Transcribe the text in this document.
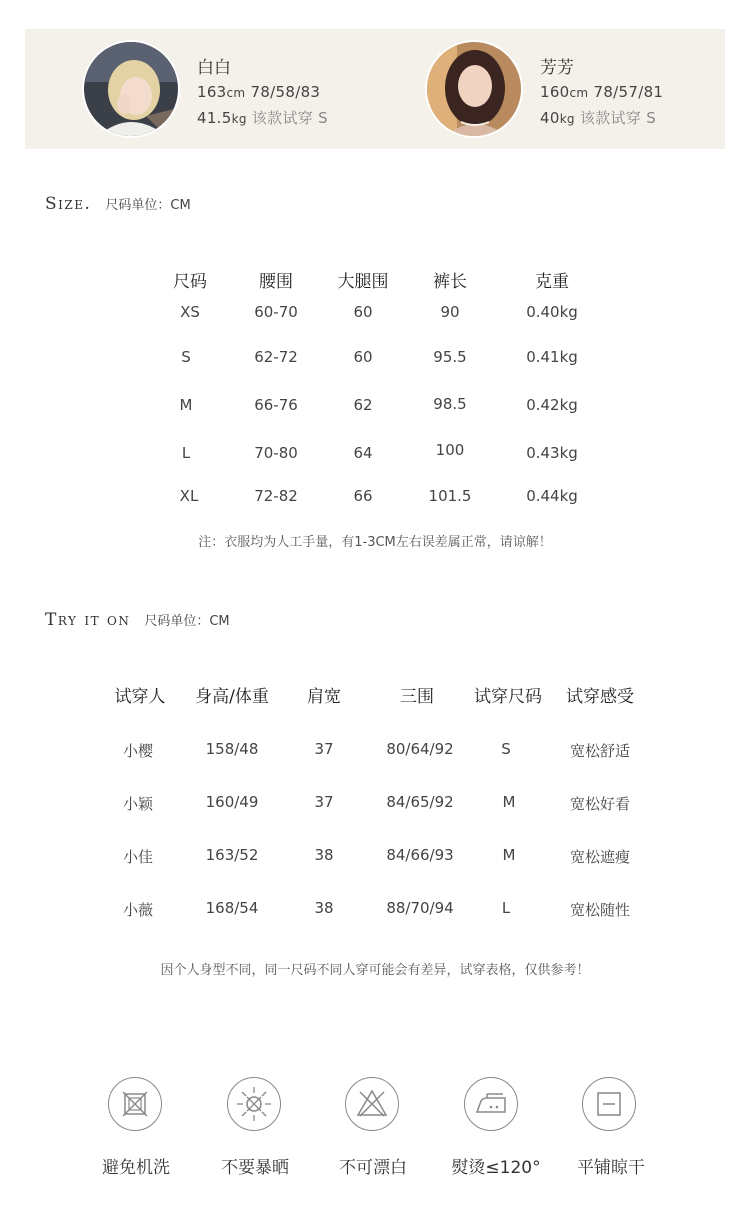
白白
163cm 78/58/83
41.5kg 该款试穿 S
芳芳
160cm 78/57/81
40kg 该款试穿 S
Size. 尺码单位：CM
尺码	腰围	大腿围	裤长	克重
XS	60-70	60	90	0.40kg
S	62-72	60	95.5	0.41kg
M	66-76	62	98.5	0.42kg
L	70-80	64	100	0.43kg
XL	72-82	66	101.5	0.44kg
注：衣服均为人工手量，有1-3CM左右误差属正常，请谅解！
Try it on 尺码单位：CM
试穿人 身高/体重 肩宽	三围 试穿尺码 试穿感受
小樱	158/48	37	80/64/92	S	宽松舒适
小颖	160/49	37	84/65/92	M	宽松好看
小佳	163/52	38	84/66/93	M	宽松遮瘦
小薇	168/54	38	88/70/94	L	宽松随性
因个人身型不同，同一尺码不同人穿可能会有差异，试穿表格，仅供参考！
避免机洗	不要暴晒	不可漂白	熨烫≤120° 平铺晾干
